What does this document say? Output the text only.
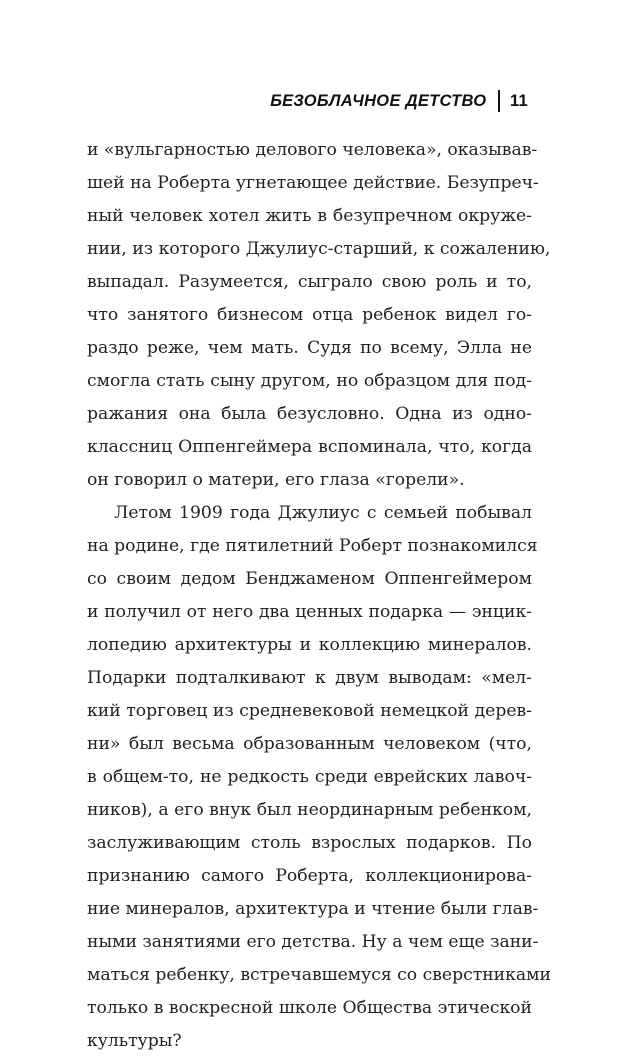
БЕЗОБЛАЧНОЕ ДЕТСТВО 11

и «вульгарностью делового человека», оказывав-
шей на Роберта угнетающее действие. Безупреч-
ный человек хотел жить в безупречном окруже-
нии, из которого Джулиус-старший, к сожалению,
выпадал. Разумеется, сыграло свою роль и то,
что занятого бизнесом отца ребенок видел го-
раздо реже, чем мать. Судя по всему, Элла не
смогла стать сыну другом, но образцом для под-
ражания она была безусловно. Одна из одно-
классниц Оппенгеймера вспоминала, что, когда
он говорил о матери, его глаза «горели».

Летом 1909 года Джулиус с семьей побывал
на родине, где пятилетний Роберт познакомился
со своим дедом Бенджаменом Оппенгеймером
и получил от него два ценных подарка — энцик-
лопедию архитектуры и коллекцию минералов.
Подарки подталкивают к двум выводам: «мел-
кий торговец из средневековой немецкой дерев-
ни» был весьма образованным человеком (что,
в общем-то, не редкость среди еврейских лавоч-
ников), а его внук был неординарным ребенком,
заслуживающим столь взрослых подарков. По
признанию самого Роберта, коллекционирова-
ние минералов, архитектура и чтение были глав-
ными занятиями его детства. Ну а чем еще зани-
маться ребенку, встречавшемуся со сверстниками
только в воскресной школе Общества этической
культуры?
